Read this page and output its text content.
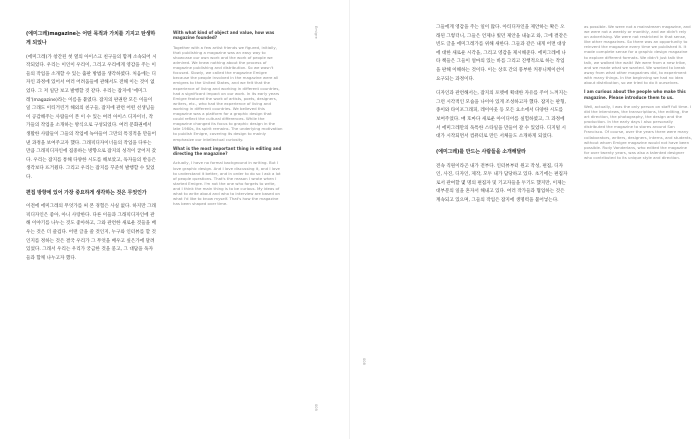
(에미그레)magazine는 어떤 목적과 가치를 기지고 탄생하게 되었나

(에미그레)가 창간된 첫 열의 아이스크 친구들의 함께 소속되어 시작되었다. 우리는 이인이 우리이, 그리고 우리에게 영감을 주는 이들의 작업을 소개할 수 있는 출판 방법을 생각하였다. 처음에는 디자인 과정에 있어서 여러 어려움들에 관해서도 전해 이는 것이 없었다. 그 저 일단 보고 발행할 것 같다. 우리는 잡지에 '에미그레'(magazine)라는 이름을 붙였다. 잡지의 판권란 모든 이들이 일 그래도 이티거린거 해외의 친구들, 잡지에 관련 어떤 선생님들이 공감해주는 사람들이 본 이 수 있는 여러 아이스 디자이너, 작가들의 작업을 소개하는 방식으로 구성되었다. 여러 문화권에서 생활한 사람들이 그들의 작업에 녹아들어 그만의 특징적을 만들어낸 과정을 보여주고자 했다. 그래픽디자이너들의 작업을 다루는 만큼 그래픽디자인에 집중하는 방향으로 잡지의 성격이 굳어져 갔다. 우리는 잡지를 통해 다양한 시도를 해보았고, 독자들의 반응은 생각보다 뜨거웠다. 그리고 우리는 잡지를 꾸준히 발행할 수 있었다.

편집 방향에 있어 가장 중요하게 생각하는 것은 무엇인가

이전에 에미그레의 무엇가를 써 본 경험은 사실 없다. 하지만 그래픽디자인은 좋아, 아니 사랑한다. 다른 이들과 그래픽디자인에 관해 이야기를 나누는 것도 좋아하고, 그와 관련한 새로운 것들을 배우는 것은 더 즐겁다. 어떤 글을 쓸 것인지, 누구와 인터뷰를 할 것인지를 정하는 것은 결국 우리가 그 무엇을 배우고 싶은가에 달려있었다. 그래서 우리는 우리가 궁금한 것을 묻고, 그 대답을 독자들과 함께 나누고자 했다.

With what kind of object and value, how was magazine founded?

Together with a few artist friends we figured, initially, that publishing a magazine was an easy way to showcase our own work and the work of people we admired. We knew nothing about the process of magazine publishing and distribution. So we wasn't focused. Slowly, we called the magazine Emigre because the people involved in the magazine were all emigres to the United States, and we felt that the experience of living and working in different countries, had a significant impact on our work. In its early years Emigre featured the work of artists, poets, designers, writers, etc., who had the experience of living and working in different countries. We believed this magazine was a platform for a graphic design that could reflect the cultural differences. While the magazine changed its focus to graphic design in the late 1980s, its spirit remains. The underlying motivation to publish Emigre, covering its design to mainly emphasize our intellectual curiosity.

What is the most important thing in editing and directing the magazine?

Actually, I have no formal background in writing. But I love graphic design. And I love discussing it, and I love to understand it better, and in order to do so I ask a lot of people questions. That's the reason I wrote when I started Emigre. I'm not the one who forgets to write, and I think the main thing is to be curious. My ideas of what to write about and who to interview are based on what I'd like to know myself. That's how the magazine has been shaped over time.

Emigre
009
008

그들에게 영감을 주는 일이 많다. 아티디자인을 제안하는 확은 오래된 그렇더니, 그들은 언제나 빛던 제안을 내놓고 와, 그에 결같은 빈도 글을 에미그레가를 위해 새한다. 그들과 같은 내게 어면 대상에 대한 새로운 시각을, 그리고 영감을 제시해준다. 에미그레에 나타 책들은 그들이 얼마의 있는 바를 그리고 진행적으로 하는 작업을 판해 이해하는 것이다. 이는 상호 간의 풍부한 커뮤니케이션이 요구되는 과정이다.

디자인과 관련해서는, 잡지의 포맷에 획대한 자유를 주어 느껴지는 그런 시각적인 모습을 나이아 있게 조성하고자 했다. 잡지는 판형, 종이와 타이포그래피, 레이아웃 등 모든 요소에서 다양한 시도를 보여주었다. 매 호마다 새로운 아이디어를 실험하였고, 그 과정에서 에미그레만의 독특한 스타일을 만들어 갈 수 있었다. 디지털 시대가 시작되면서 컴퓨터로 만든 서체들도 소개하게 되었다.

(에미그레)를 만드는 사람들을 소개해달라

전속 직원이라곤 내가 전부다. 인터뷰부터 원고 작성, 편집, 디자인, 사진, 디자인, 제작, 모두 내가 담당하고 있다. 초기에는 편집자로서 관여할 몇 명의 편집자 및 기고자들을 두기도 했지만, 이제는 대부분의 일을 혼자서 해내고 있다. 여러 작가들과 협업하는 것은 계속되고 있으며, 그들의 작업은 잡지에 생명력을 불어넣는다.

as possible. We were not a mainstream magazine, and we were not a weekly or monthly, and we didn't rely on advertising. We were not restricted in that sense, like other magazines. So there was an opportunity to reinvent the magazine every time we published it. It made complete sense for a graphic design magazine to explore different formats. We didn't just talk the talk, we walked the walk! We were from a new tribe, and we made what we wanted. We wanted to break away from what other magazines did, to experiment with many things. In the beginning we had no idea about distribution, so we tried to do it ourselves.

I am curious about the people who make this magazine. Please introduce them to us.

Well, actually, I was the only person on staff full time. I did the interviews, the transcriptions, the editing, the art direction, the photography, the design and the production. In the early days I also personally distributed the magazine to stores around San Francisco. Of course, over the years there were many collaborators, writers, designers, interns, and students, without whom Emigre magazine would not have been possible. Rudy Vanderlans, who edited the magazine for over twenty years, was also a talented designer who contributed to its unique style and direction.
